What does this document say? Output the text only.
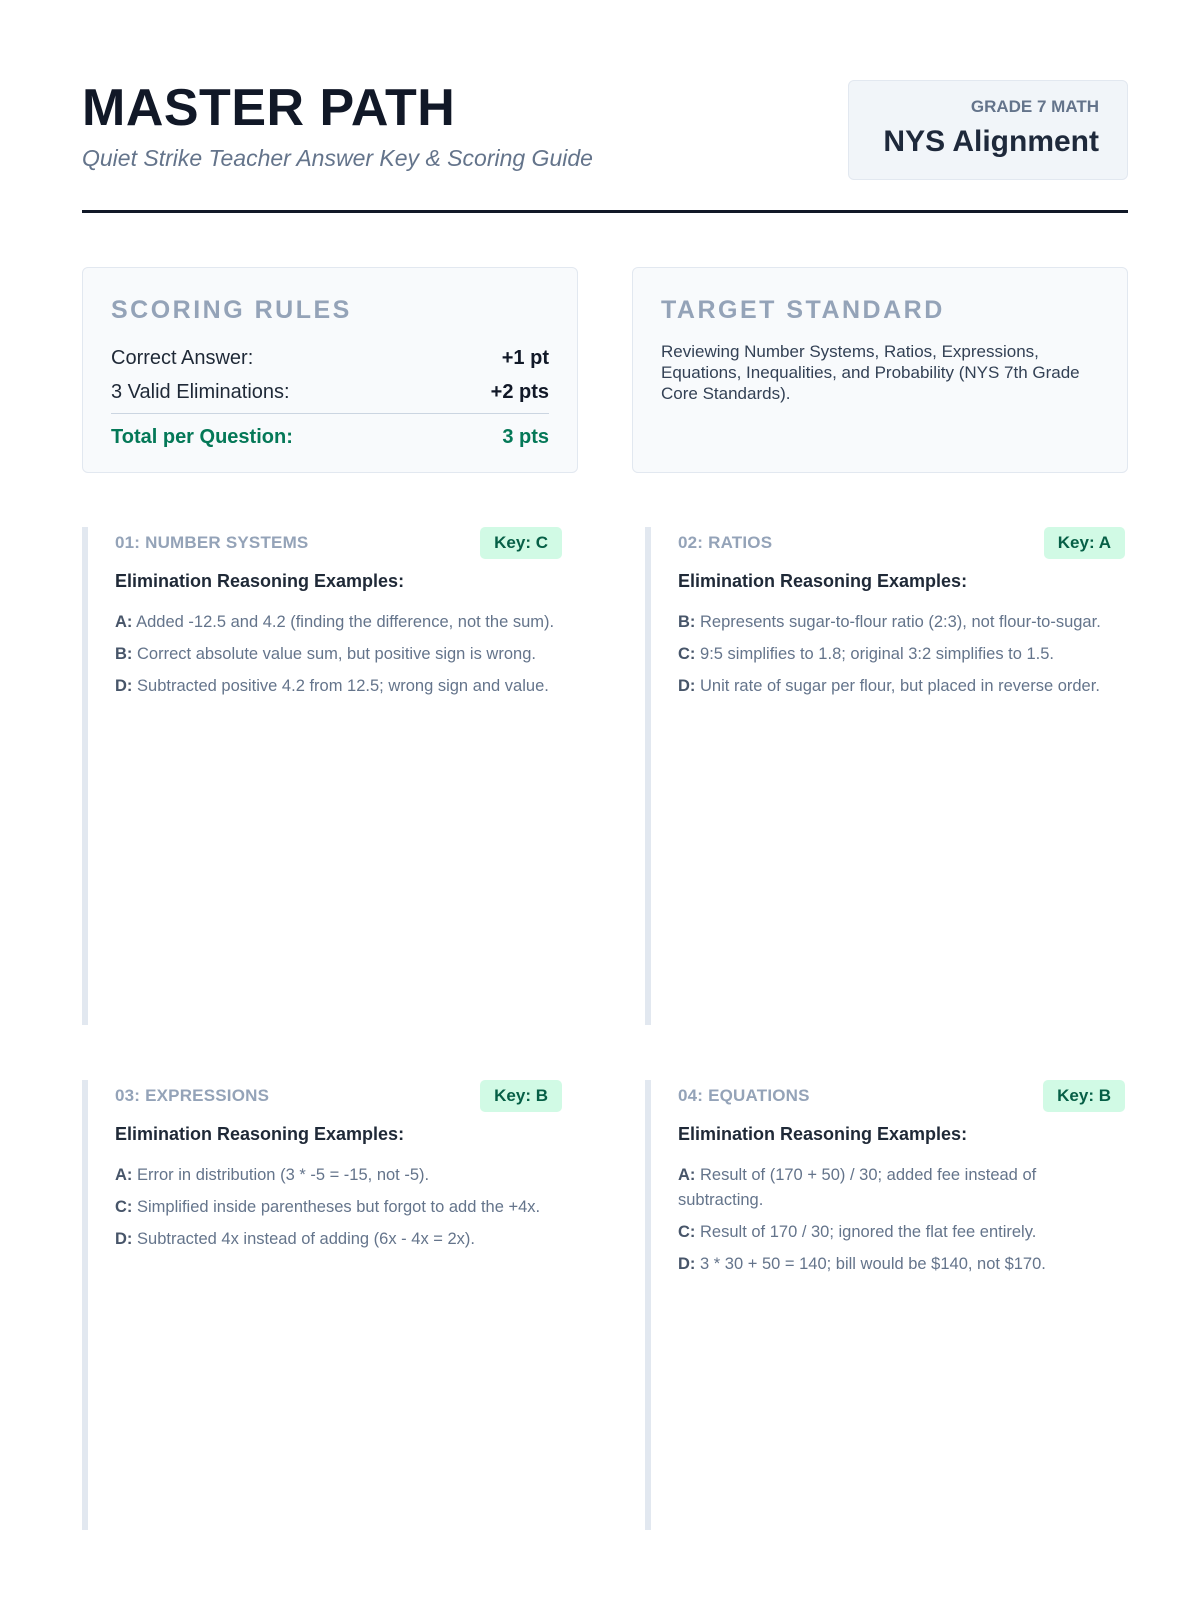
MASTER PATH
Quiet Strike Teacher Answer Key & Scoring Guide
GRADE 7 MATH
NYS Alignment
SCORING RULES
Correct Answer:	+1 pt
3 Valid Eliminations:	+2 pts
Total per Question:	3 pts
TARGET STANDARD
Reviewing Number Systems, Ratios, Expressions, Equations, Inequalities, and Probability (NYS 7th Grade Core Standards).
01: NUMBER SYSTEMS	Key: C
Elimination Reasoning Examples:
A: Added -12.5 and 4.2 (finding the difference, not the sum).
B: Correct absolute value sum, but positive sign is wrong.
D: Subtracted positive 4.2 from 12.5; wrong sign and value.
02: RATIOS	Key: A
Elimination Reasoning Examples:
B: Represents sugar-to-flour ratio (2:3), not flour-to-sugar.
C: 9:5 simplifies to 1.8; original 3:2 simplifies to 1.5.
D: Unit rate of sugar per flour, but placed in reverse order.
03: EXPRESSIONS	Key: B
Elimination Reasoning Examples:
A: Error in distribution (3 * -5 = -15, not -5).
C: Simplified inside parentheses but forgot to add the +4x.
D: Subtracted 4x instead of adding (6x - 4x = 2x).
04: EQUATIONS	Key: B
Elimination Reasoning Examples:
A: Result of (170 + 50) / 30; added fee instead of subtracting.
C: Result of 170 / 30; ignored the flat fee entirely.
D: 3 * 30 + 50 = 140; bill would be $140, not $170.
